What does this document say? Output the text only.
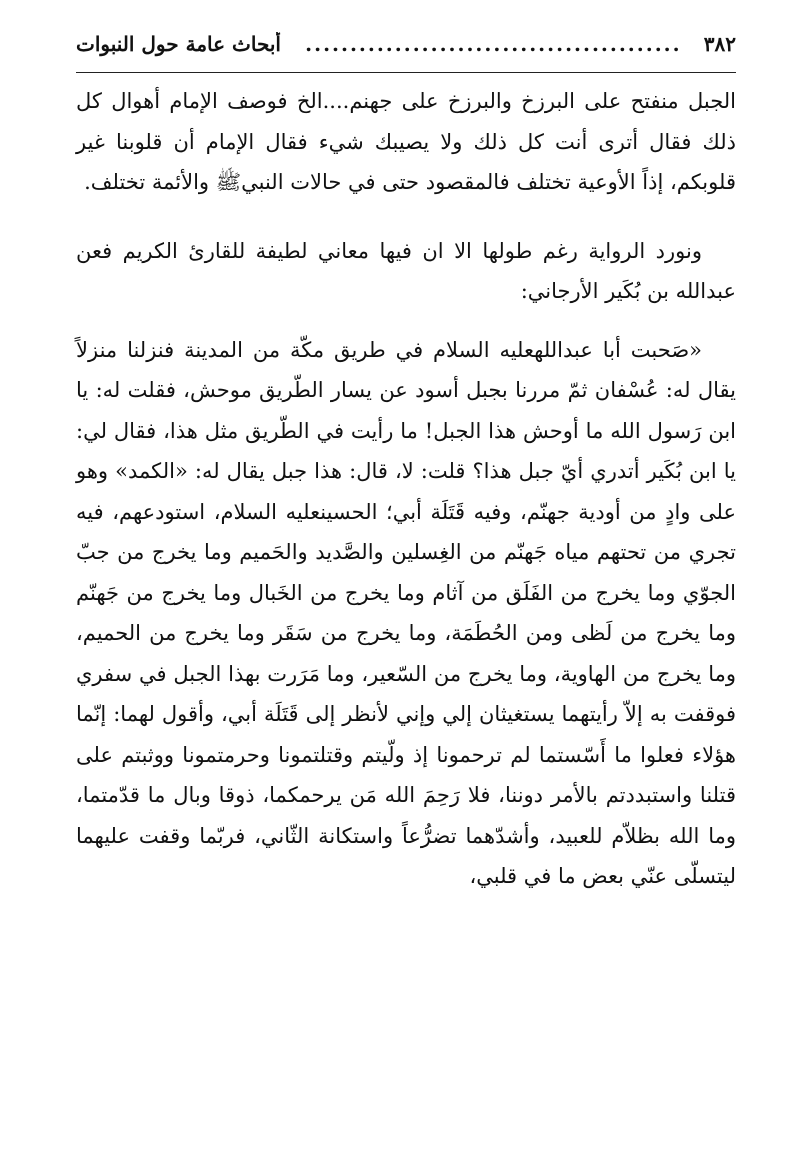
٣٨٢
..........................................
أبحاث عامة حول النبوات

الجبل منفتح على البرزخ والبرزخ على جهنم....الخ فوصف الإمام أهوال كل ذلك فقال أترى أنت كل ذلك ولا يصيبك شيء فقال الإمام أن قلوبنا غير قلوبكم، إذاً الأوعية تختلف فالمقصود حتى في حالات النبيﷺ والأئمة تختلف.

ونورد الرواية رغم طولها الا ان فيها معاني لطيفة للقارئ الكريم فعن عبدالله بن بُكَير الأرجاني:

«صَحبت أبا عبداللهعليه السلام في طريق مكّة من المدينة فنزلنا منزلاً يقال له: عُسْفان ثمّ مررنا بجبل أسود عن يسار الطّريق موحش، فقلت له: يا ابن رَسول الله ما أوحش هذا الجبل! ما رأيت في الطّريق مثل هذا، فقال لي: يا ابن بُكَير أتدري أيّ جبل هذا؟ قلت: لا، قال: هذا جبل يقال له: «الكمد» وهو على وادٍ من أودية جهنّم، وفيه قَتَلَة أبي؛ الحسينعليه السلام، استودعهم، فيه تجري من تحتهم مياه جَهنّم من الغِسلين والصَّديد والحَميم وما يخرج من جبّ الجوّي وما يخرج من الفَلَق من آثام وما يخرج من الخَبال وما يخرج من جَهنّم وما يخرج من لَظى ومن الحُطَمَة، وما يخرج من سَقَر وما يخرج من الحميم، وما يخرج من الهاوية، وما يخرج من السّعير، وما مَرَرت بهذا الجبل في سفري فوقفت به إلاّ رأيتهما يستغيثان إلي وإني لأنظر إلى قَتَلَة أبي، وأقول لهما: إنّما هؤلاء فعلوا ما أَسّستما لم ترحمونا إذ ولّيتم وقتلتمونا وحرمتمونا ووثبتم على قتلنا واستبددتم بالأمر دوننا، فلا رَحِمَ الله مَن يرحمكما، ذوقا وبال ما قدّمتما، وما الله بظلاّم للعبيد، وأشدّهما تضرُّعاً واستكانة الثّاني، فربّما وقفت عليهما ليتسلّى عنّي بعض ما في قلبي،
